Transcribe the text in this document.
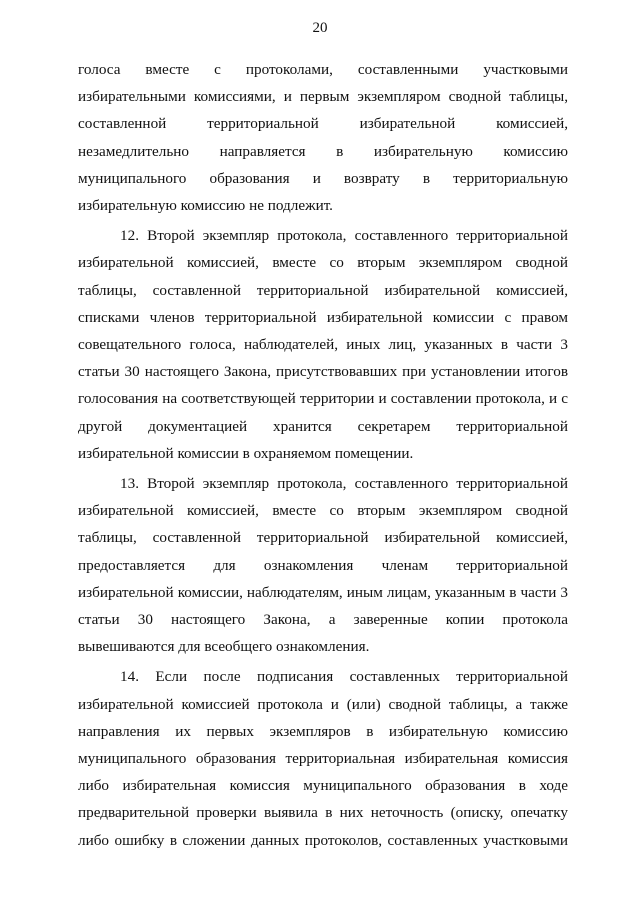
20
голоса вместе с протоколами, составленными участковыми
избирательными комиссиями, и первым экземпляром сводной таблицы,
составленной территориальной избирательной комиссией,
незамедлительно направляется в избирательную комиссию
муниципального образования и возврату в территориальную
избирательную комиссию не подлежит.
12. Второй экземпляр протокола, составленного территориальной
избирательной комиссией, вместе со вторым экземпляром сводной
таблицы, составленной территориальной избирательной комиссией,
списками членов территориальной избирательной комиссии с правом
совещательного голоса, наблюдателей, иных лиц, указанных в части 3
статьи 30 настоящего Закона, присутствовавших при установлении итогов
голосования на соответствующей территории и составлении протокола, и с
другой документацией хранится секретарем территориальной
избирательной комиссии в охраняемом помещении.
13. Второй экземпляр протокола, составленного территориальной
избирательной комиссией, вместе со вторым экземпляром сводной
таблицы, составленной территориальной избирательной комиссией,
предоставляется для ознакомления членам территориальной
избирательной комиссии, наблюдателям, иным лицам, указанным в части 3
статьи 30 настоящего Закона, а заверенные копии протокола
вывешиваются для всеобщего ознакомления.
14. Если после подписания составленных территориальной
избирательной комиссией протокола и (или) сводной таблицы, а также
направления их первых экземпляров в избирательную комиссию
муниципального образования территориальная избирательная комиссия
либо избирательная комиссия муниципального образования в ходе
предварительной проверки выявила в них неточность (описку, опечатку
либо ошибку в сложении данных протоколов, составленных участковыми
